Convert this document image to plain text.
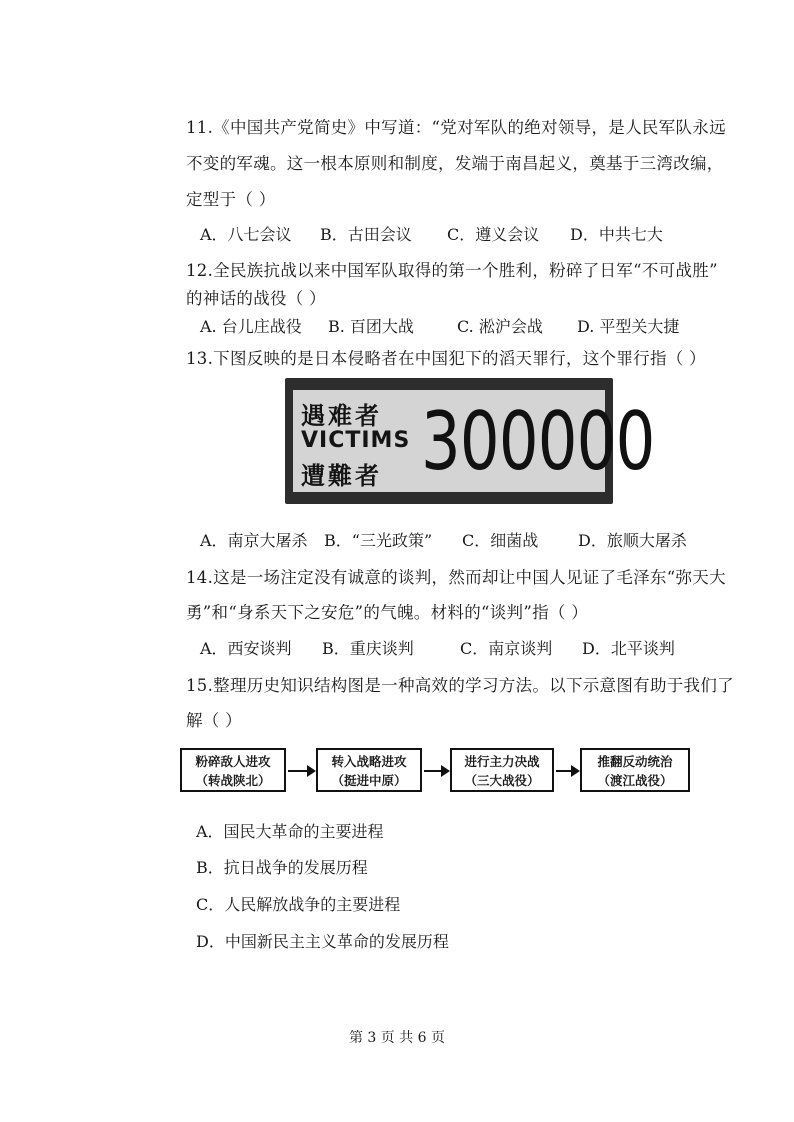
11.《中国共产党简史》中写道：“党对军队的绝对领导，是人民军队永远
不变的军魂。这一根本原则和制度，发端于南昌起义，奠基于三湾改编，
定型于（ ）
A．八七会议 B．古田会议 C．遵义会议 D．中共七大
12.全民族抗战以来中国军队取得的第一个胜利，粉碎了日军“不可战胜”
的神话的战役（ ）
A. 台儿庄战役 B. 百团大战	C. 淞沪会战 D. 平型关大捷
13.下图反映的是日本侵略者在中国犯下的滔天罪行，这个罪行指（ ）
遇难者
VICTIMS
遭難者 300000
A．南京大屠杀 B．“三光政策” C．细菌战 D．旅顺大屠杀
14.这是一场注定没有诚意的谈判，然而却让中国人见证了毛泽东“弥天大
勇”和“身系天下之安危”的气魄。材料的“谈判”指（ ）
A．西安谈判 B．重庆谈判	C．南京谈判 D．北平谈判
15.整理历史知识结构图是一种高效的学习方法。以下示意图有助于我们了
解（ ）
粉碎敌人进攻
（转战陕北）
转入战略进攻
（挺进中原）
进行主力决战
（三大战役）
推翻反动统治
（渡江战役）
A．国民大革命的主要进程
B．抗日战争的发展历程
C．人民解放战争的主要进程
D．中国新民主主义革命的发展历程
第 3 页 共 6 页
